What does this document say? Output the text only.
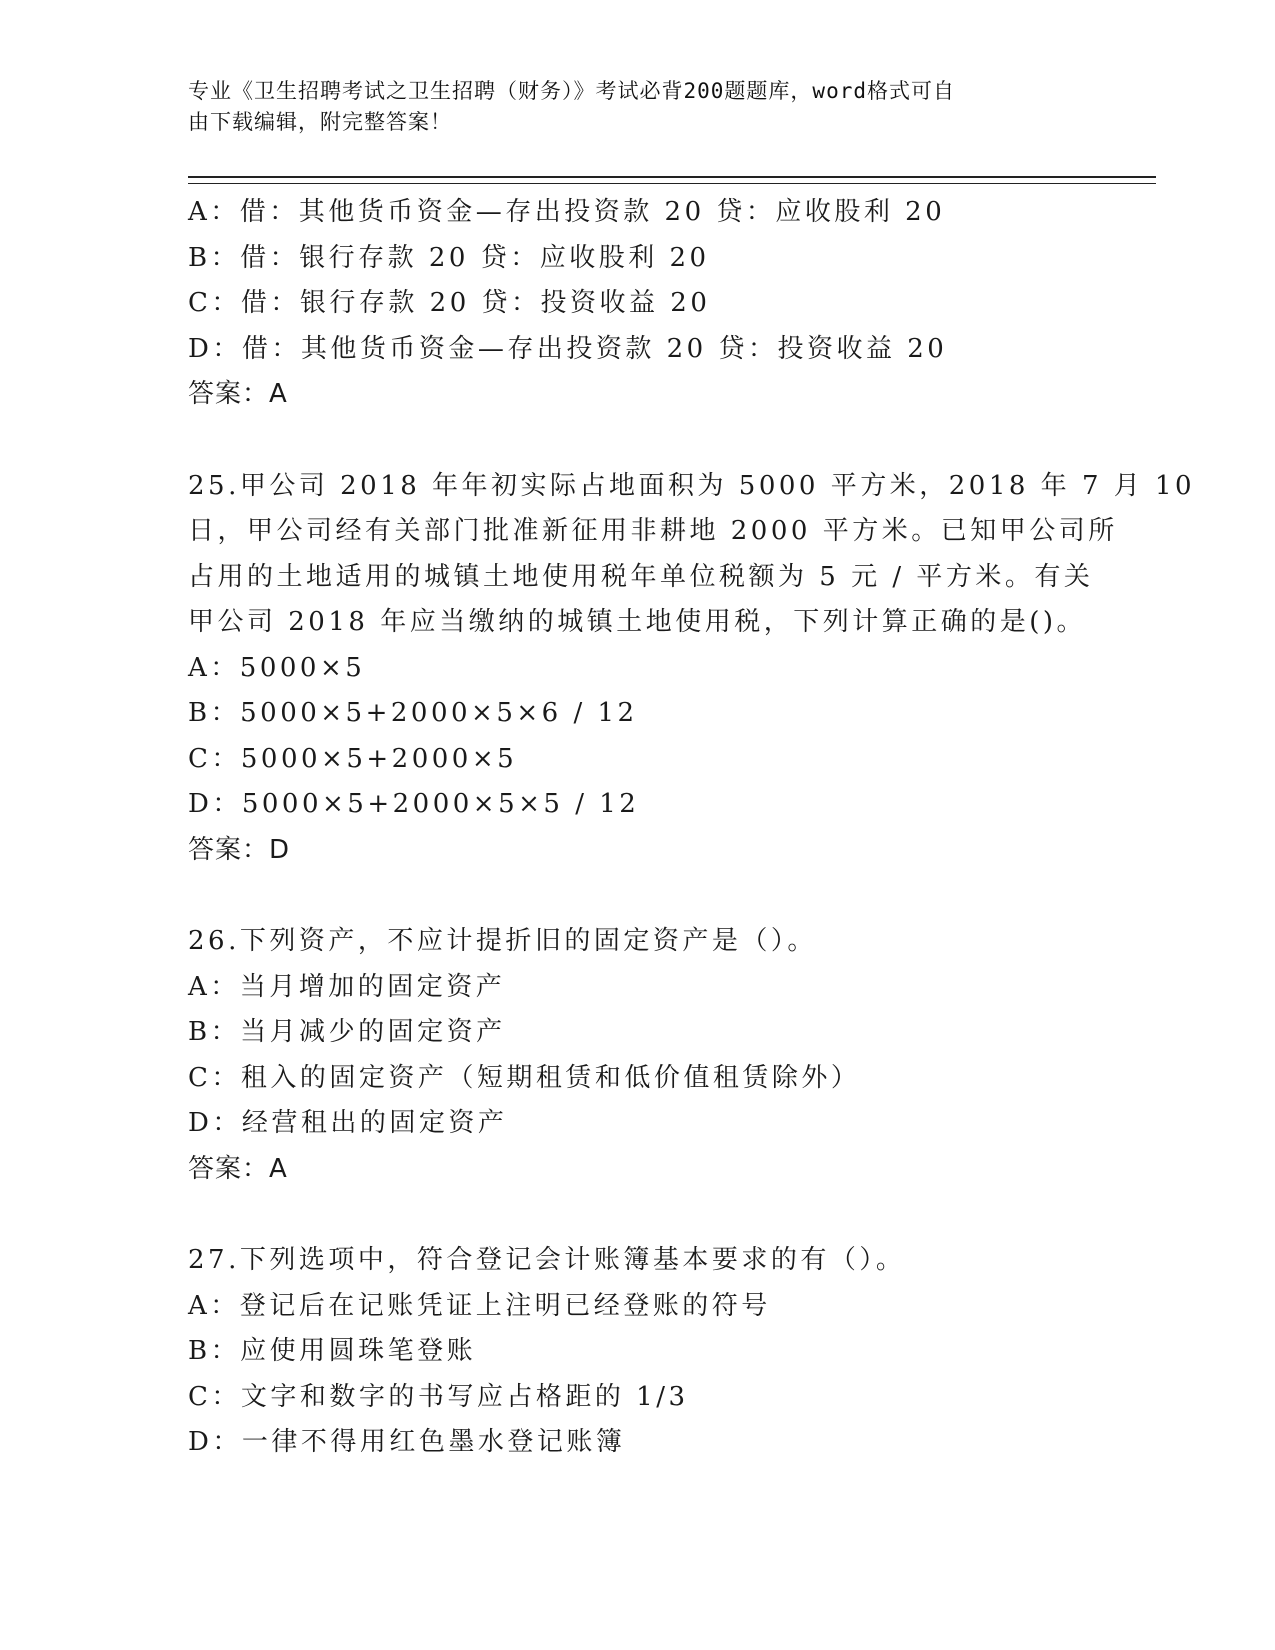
专业《卫生招聘考试之卫生招聘（财务）》考试必背200题题库，word格式可自
由下载编辑，附完整答案！
A：借：其他货币资金—存出投资款 20 贷：应收股利 20
B：借：银行存款 20 贷：应收股利 20
C：借：银行存款 20 贷：投资收益 20
D：借：其他货币资金—存出投资款 20 贷：投资收益 20
答案：A
25.甲公司 2018 年年初实际占地面积为 5000 平方米，2018 年 7 月 10
日，甲公司经有关部门批准新征用非耕地 2000 平方米。已知甲公司所
占用的土地适用的城镇土地使用税年单位税额为 5 元 / 平方米。有关
甲公司 2018 年应当缴纳的城镇土地使用税，下列计算正确的是()。
A：5000×5
B：5000×5+2000×5×6 / 12
C：5000×5+2000×5
D：5000×5+2000×5×5 / 12
答案：D
26.下列资产，不应计提折旧的固定资产是（）。
A：当月增加的固定资产
B：当月减少的固定资产
C：租入的固定资产（短期租赁和低价值租赁除外）
D：经营租出的固定资产
答案：A
27.下列选项中，符合登记会计账簿基本要求的有（）。
A：登记后在记账凭证上注明已经登账的符号
B：应使用圆珠笔登账
C：文字和数字的书写应占格距的 1/3
D：一律不得用红色墨水登记账簿
